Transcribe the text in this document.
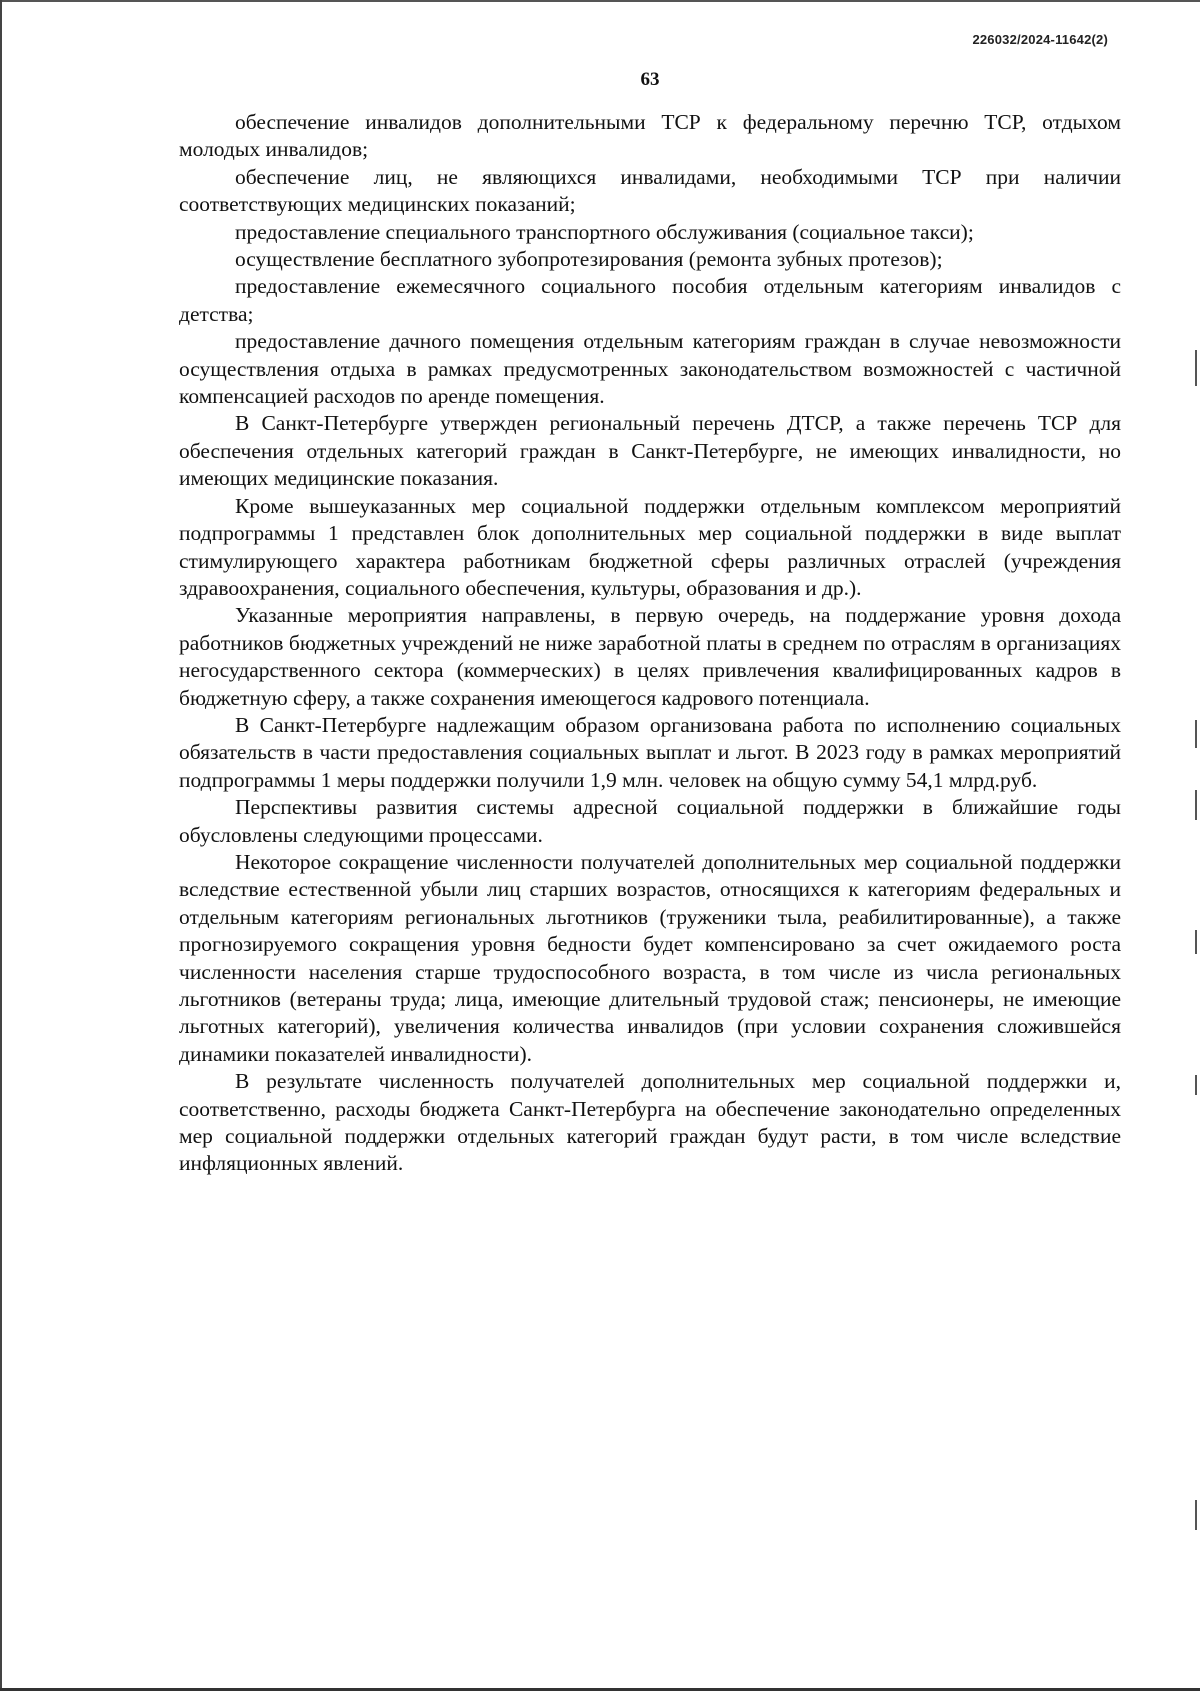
226032/2024-11642(2)
63

обеспечение инвалидов дополнительными ТСР к федеральному перечню ТСР, отдыхом молодых инвалидов;

обеспечение лиц, не являющихся инвалидами, необходимыми ТСР при наличии соответствующих медицинских показаний;

предоставление специального транспортного обслуживания (социальное такси);

осуществление бесплатного зубопротезирования (ремонта зубных протезов);

предоставление ежемесячного социального пособия отдельным категориям инвалидов с детства;

предоставление дачного помещения отдельным категориям граждан в случае невозможности осуществления отдыха в рамках предусмотренных законодательством возможностей с частичной компенсацией расходов по аренде помещения.

В Санкт-Петербурге утвержден региональный перечень ДТСР, а также перечень ТСР для обеспечения отдельных категорий граждан в Санкт-Петербурге, не имеющих инвалидности, но имеющих медицинские показания.

Кроме вышеуказанных мер социальной поддержки отдельным комплексом мероприятий подпрограммы 1 представлен блок дополнительных мер социальной поддержки в виде выплат стимулирующего характера работникам бюджетной сферы различных отраслей (учреждения здравоохранения, социального обеспечения, культуры, образования и др.).

Указанные мероприятия направлены, в первую очередь, на поддержание уровня дохода работников бюджетных учреждений не ниже заработной платы в среднем по отраслям в организациях негосударственного сектора (коммерческих) в целях привлечения квалифицированных кадров в бюджетную сферу, а также сохранения имеющегося кадрового потенциала.

В Санкт-Петербурге надлежащим образом организована работа по исполнению социальных обязательств в части предоставления социальных выплат и льгот. В 2023 году в рамках мероприятий подпрограммы 1 меры поддержки получили 1,9 млн. человек на общую сумму 54,1 млрд.руб.

Перспективы развития системы адресной социальной поддержки в ближайшие годы обусловлены следующими процессами.

Некоторое сокращение численности получателей дополнительных мер социальной поддержки вследствие естественной убыли лиц старших возрастов, относящихся к категориям федеральных и отдельным категориям региональных льготников (труженики тыла, реабилитированные), а также прогнозируемого сокращения уровня бедности будет компенсировано за счет ожидаемого роста численности населения старше трудоспособного возраста, в том числе из числа региональных льготников (ветераны труда; лица, имеющие длительный трудовой стаж; пенсионеры, не имеющие льготных категорий), увеличения количества инвалидов (при условии сохранения сложившейся динамики показателей инвалидности).

В результате численность получателей дополнительных мер социальной поддержки и, соответственно, расходы бюджета Санкт-Петербурга на обеспечение законодательно определенных мер социальной поддержки отдельных категорий граждан будут расти, в том числе вследствие инфляционных явлений.
